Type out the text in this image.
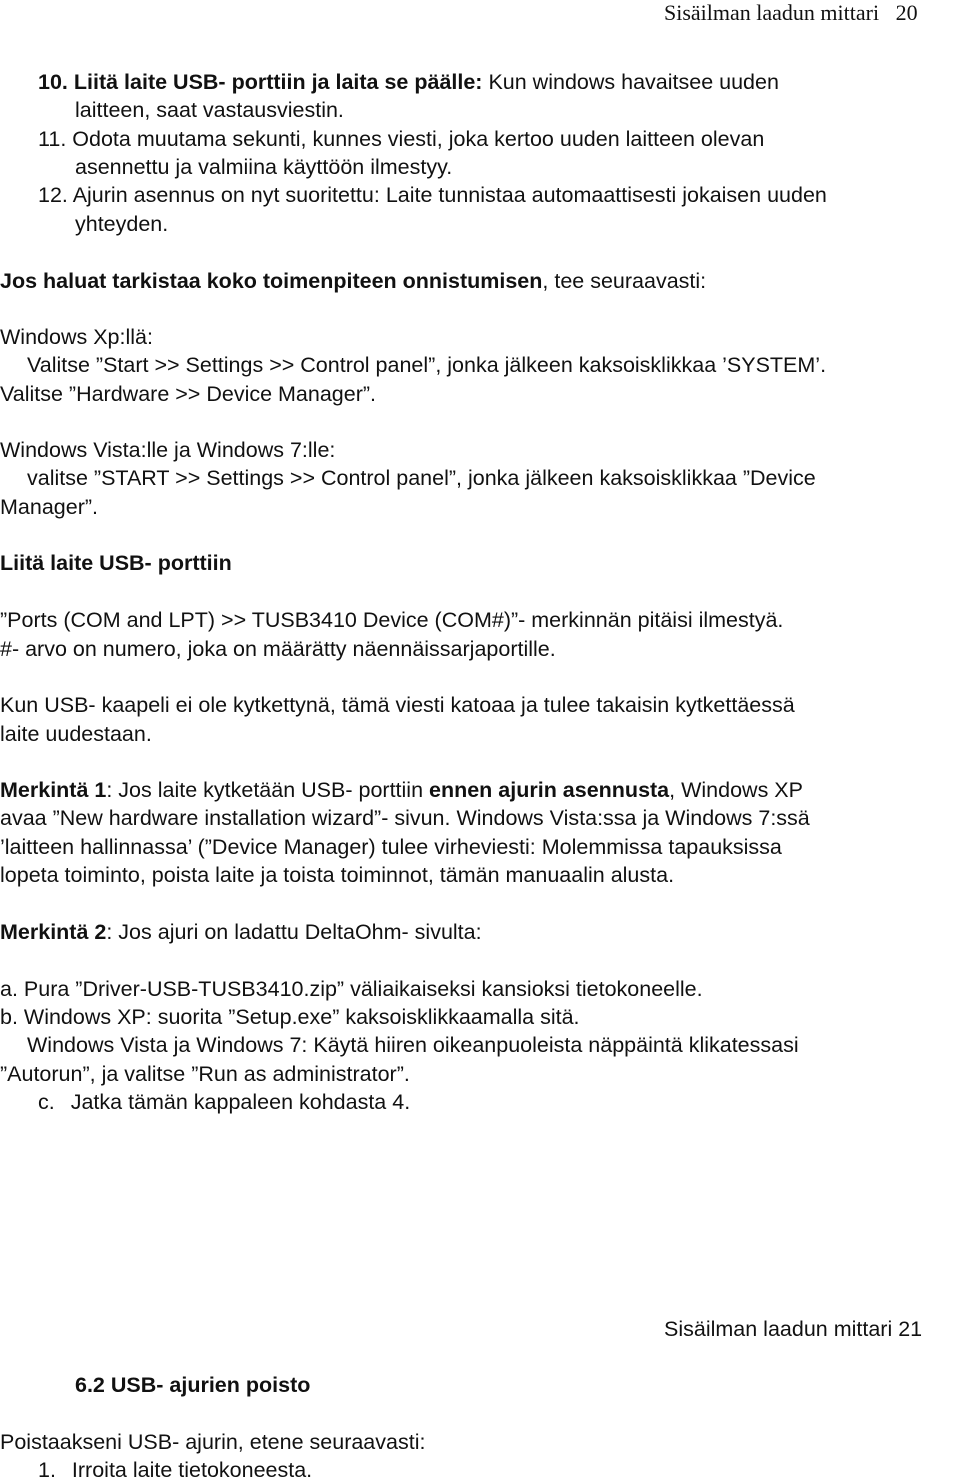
Sisäilman laadun mittari   20
10. Liitä laite USB- porttiin ja laita se päälle: Kun windows havaitsee uuden
laitteen, saat vastausviestin.
11. Odota muutama sekunti, kunnes viesti, joka kertoo uuden laitteen olevan
asennettu ja valmiina käyttöön ilmestyy.
12. Ajurin asennus on nyt suoritettu: Laite tunnistaa automaattisesti jokaisen uuden
yhteyden.
Jos haluat tarkistaa koko toimenpiteen onnistumisen, tee seuraavasti:
Windows Xp:llä:
Valitse ”Start >> Settings >> Control panel”, jonka jälkeen kaksoisklikkaa ’SYSTEM’.
Valitse ”Hardware >> Device Manager”.
Windows Vista:lle ja Windows 7:lle:
valitse ”START >> Settings >> Control panel”, jonka jälkeen kaksoisklikkaa ”Device
Manager”.
Liitä laite USB- porttiin
”Ports (COM and LPT) >> TUSB3410 Device (COM#)”- merkinnän pitäisi ilmestyä.
#- arvo on numero, joka on määrätty näennäissarjaportille.
Kun USB- kaapeli ei ole kytkettynä, tämä viesti katoaa ja tulee takaisin kytkettäessä
laite uudestaan.
Merkintä 1: Jos laite kytketään USB- porttiin ennen ajurin asennusta, Windows XP
avaa ”New hardware installation wizard”- sivun. Windows Vista:ssa ja Windows 7:ssä
’laitteen hallinnassa’ (”Device Manager) tulee virheviesti: Molemmissa tapauksissa
lopeta toiminto, poista laite ja toista toiminnot, tämän manuaalin alusta.
Merkintä 2: Jos ajuri on ladattu DeltaOhm- sivulta:
a. Pura ”Driver-USB-TUSB3410.zip” väliaikaiseksi kansioksi tietokoneelle.
b. Windows XP: suorita ”Setup.exe” kaksoisklikkaamalla sitä.
Windows Vista ja Windows 7: Käytä hiiren oikeanpuoleista näppäintä klikatessasi
”Autorun”, ja valitse ”Run as administrator”.
c. Jatka tämän kappaleen kohdasta 4.
Sisäilman laadun mittari 21
6.2 USB- ajurien poisto
Poistaakseni USB- ajurin, etene seuraavasti:
1. Irroita laite tietokoneesta.
